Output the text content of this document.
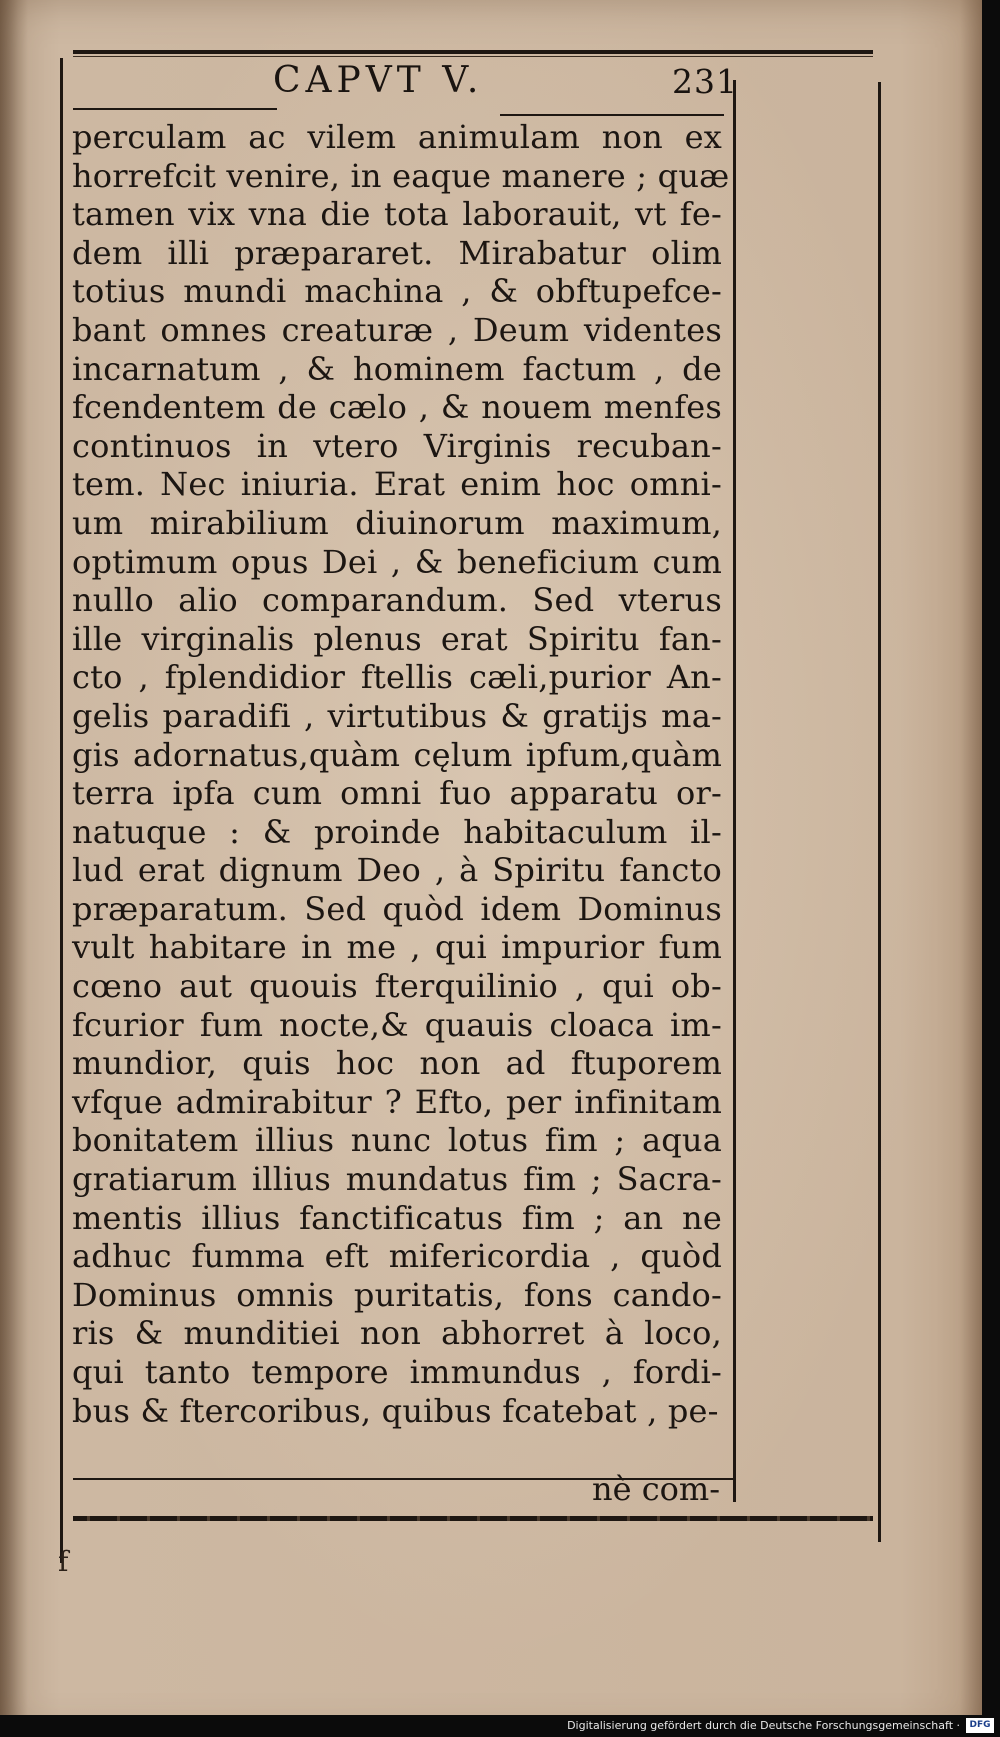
CAPVT V.	231
perculam ac vilem animulam non ex
horrefcit venire, in eaque manere ; quæ
tamen vix vna die tota laborauit, vt fe-
dem illi præpararet. Mirabatur olim
totius mundi machina , & obftupefce-
bant omnes creaturæ , Deum videntes
incarnatum , & hominem factum , de
fcendentem de cælo , & nouem menfes
continuos in vtero Virginis recuban-
tem. Nec iniuria. Erat enim hoc omni-
um mirabilium diuinorum maximum,
optimum opus Dei , & beneficium cum
nullo alio comparandum. Sed vterus
ille virginalis plenus erat Spiritu fan-
cto , fplendidior ftellis cæli,purior An-
gelis paradifi , virtutibus & gratijs ma-
gis adornatus,quàm cęlum ipfum,quàm
terra ipfa cum omni fuo apparatu or-
natuque : & proinde habitaculum il-
lud erat dignum Deo , à Spiritu fancto
præparatum. Sed quòd idem Dominus
vult habitare in me , qui impurior fum
cœno aut quouis fterquilinio , qui ob-
fcurior fum nocte,& quauis cloaca im-
mundior, quis hoc non ad ftuporem
vfque admirabitur ? Efto, per infinitam
bonitatem illius nunc lotus fim ; aqua
gratiarum illius mundatus fim ; Sacra-
mentis illius fanctificatus fim ; an ne
adhuc fumma eft mifericordia , quòd
Dominus omnis puritatis, fons cando-
ris & munditiei non abhorret à loco,
qui tanto tempore immundus , fordi-
bus & ftercoribus, quibus fcatebat , pe-
nè com-
f
Digitalisierung gefördert durch die Deutsche Forschungsgemeinschaft ·	DFG
